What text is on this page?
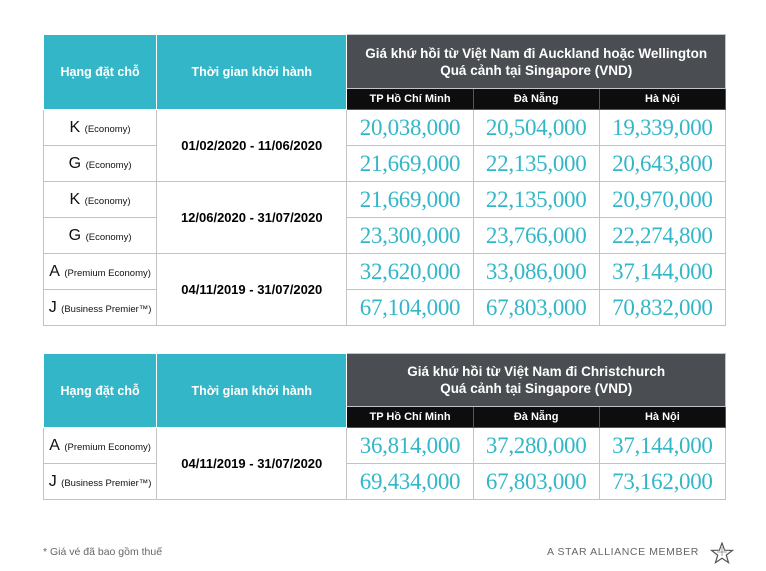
Hạng đặt chỗ	Thời gian khởi hành	Giá khứ hồi từ Việt Nam đi Auckland hoặc Wellington
Quá cảnh tại Singapore (VND)		

		TP Hồ Chí Minh	Đà Nẵng	Hà Nội
K (Economy)	01/02/2020 - 11/06/2020	20,038,000	20,504,000	19,339,000
G (Economy)		21,669,000	22,135,000	20,643,800
K (Economy)	12/06/2020 - 31/07/2020	21,669,000	22,135,000	20,970,000
G (Economy)		23,300,000	23,766,000	22,274,800
A (Premium Economy)	04/11/2019 - 31/07/2020	32,620,000	33,086,000	37,144,000
J (Business Premier™)		67,104,000	67,803,000	70,832,000
Hạng đặt chỗ	Thời gian khởi hành	Giá khứ hồi từ Việt Nam đi Christchurch
Quá cảnh tại Singapore (VND)		

		TP Hồ Chí Minh	Đà Nẵng	Hà Nội
A (Premium Economy)	04/11/2019 - 31/07/2020	36,814,000	37,280,000	37,144,000
J (Business Premier™)		69,434,000	67,803,000	73,162,000
* Giá vé đã bao gồm thuế	A STAR ALLIANCE MEMBER
